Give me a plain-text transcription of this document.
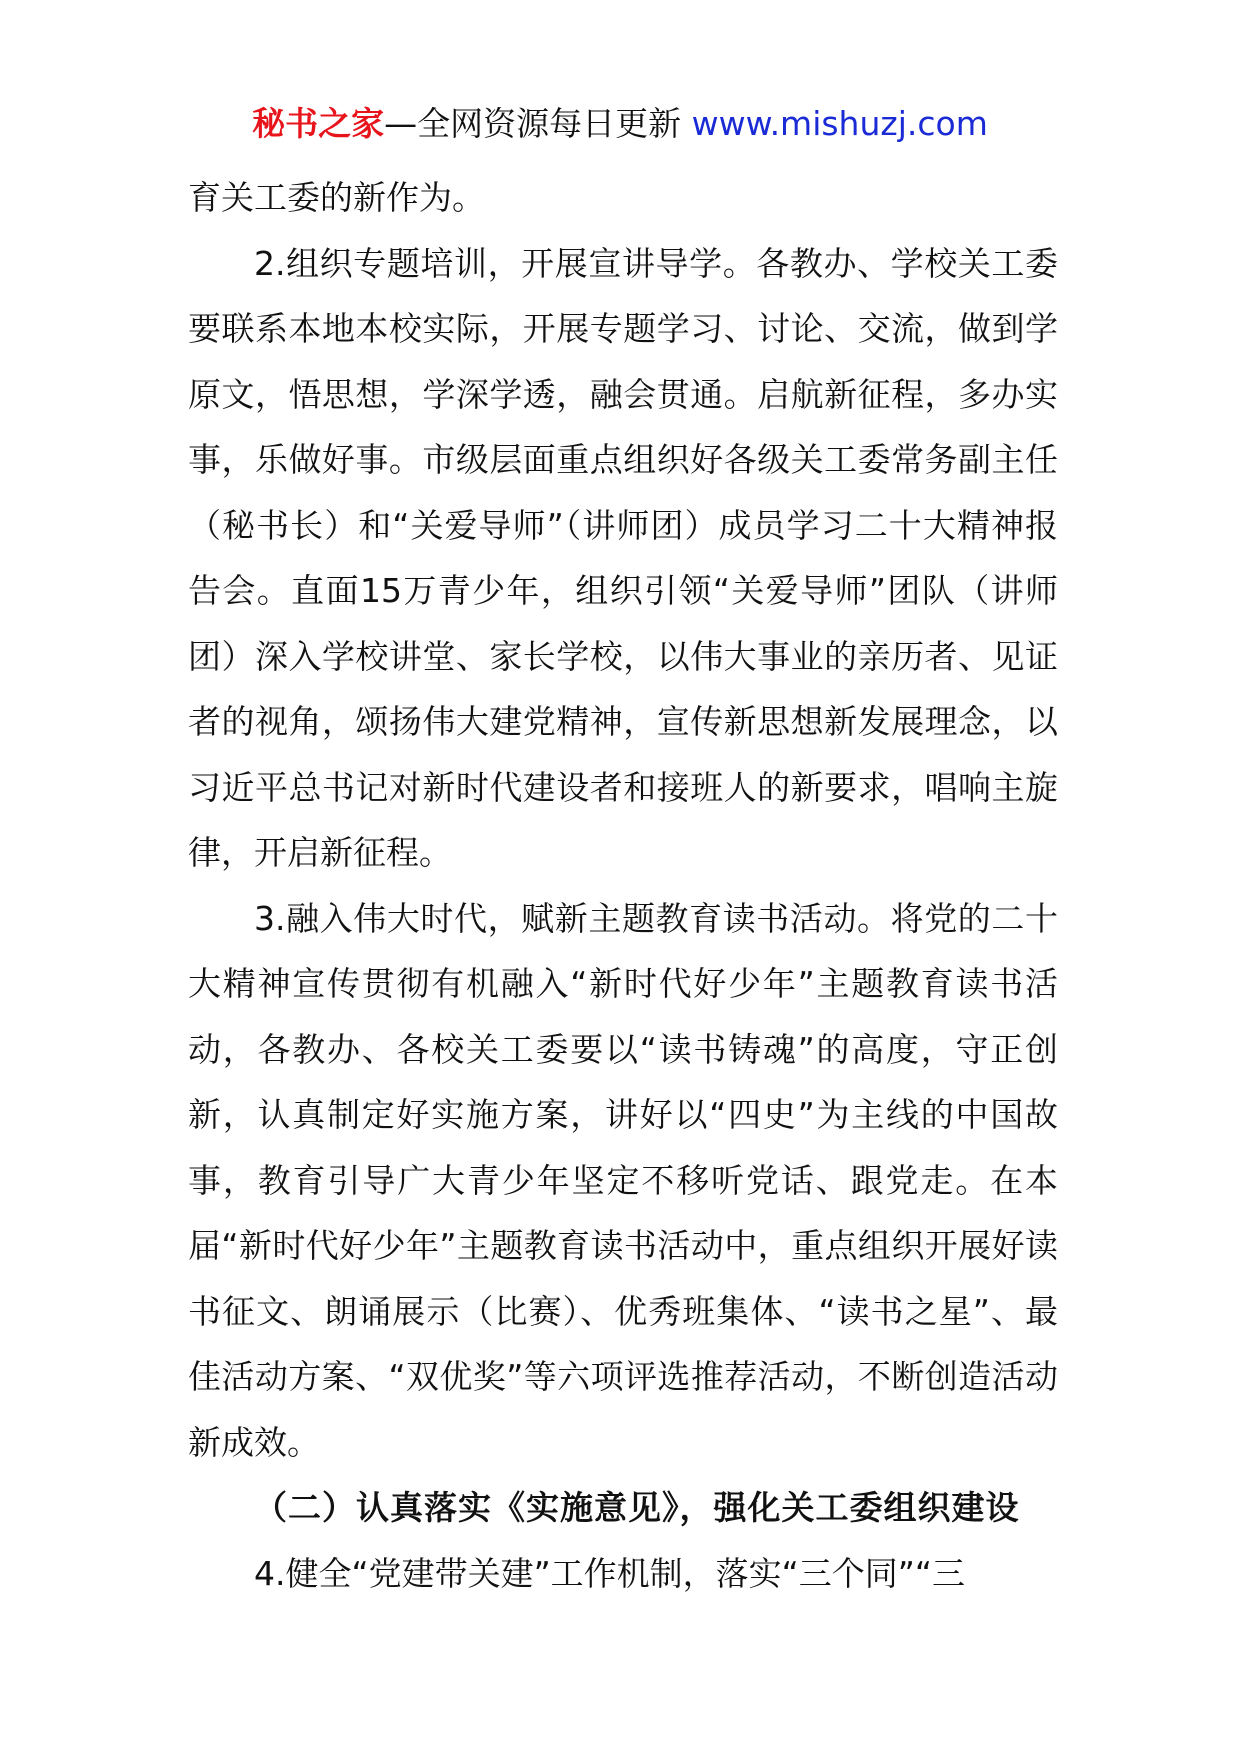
秘书之家—全网资源每日更新 www.mishuzj.com

育关工委的新作为。

2.组织专题培训，开展宣讲导学。各教办、学校关工委要联系本地本校实际，开展专题学习、讨论、交流，做到学原文，悟思想，学深学透，融会贯通。启航新征程，多办实事，乐做好事。市级层面重点组织好各级关工委常务副主任（秘书长）和“关爱导师”（讲师团）成员学习二十大精神报告会。直面15万青少年，组织引领“关爱导师”团队（讲师团）深入学校讲堂、家长学校，以伟大事业的亲历者、见证者的视角，颂扬伟大建党精神，宣传新思想新发展理念，以习近平总书记对新时代建设者和接班人的新要求，唱响主旋律，开启新征程。

3.融入伟大时代，赋新主题教育读书活动。将党的二十大精神宣传贯彻有机融入“新时代好少年”主题教育读书活动，各教办、各校关工委要以“读书铸魂”的高度，守正创新，认真制定好实施方案，讲好以“四史”为主线的中国故事，教育引导广大青少年坚定不移听党话、跟党走。在本届“新时代好少年”主题教育读书活动中，重点组织开展好读书征文、朗诵展示（比赛）、优秀班集体、“读书之星”、最佳活动方案、“双优奖”等六项评选推荐活动，不断创造活动新成效。

（二）认真落实《实施意见》，强化关工委组织建设

4.健全“党建带关建”工作机制，落实“三个同”“三
